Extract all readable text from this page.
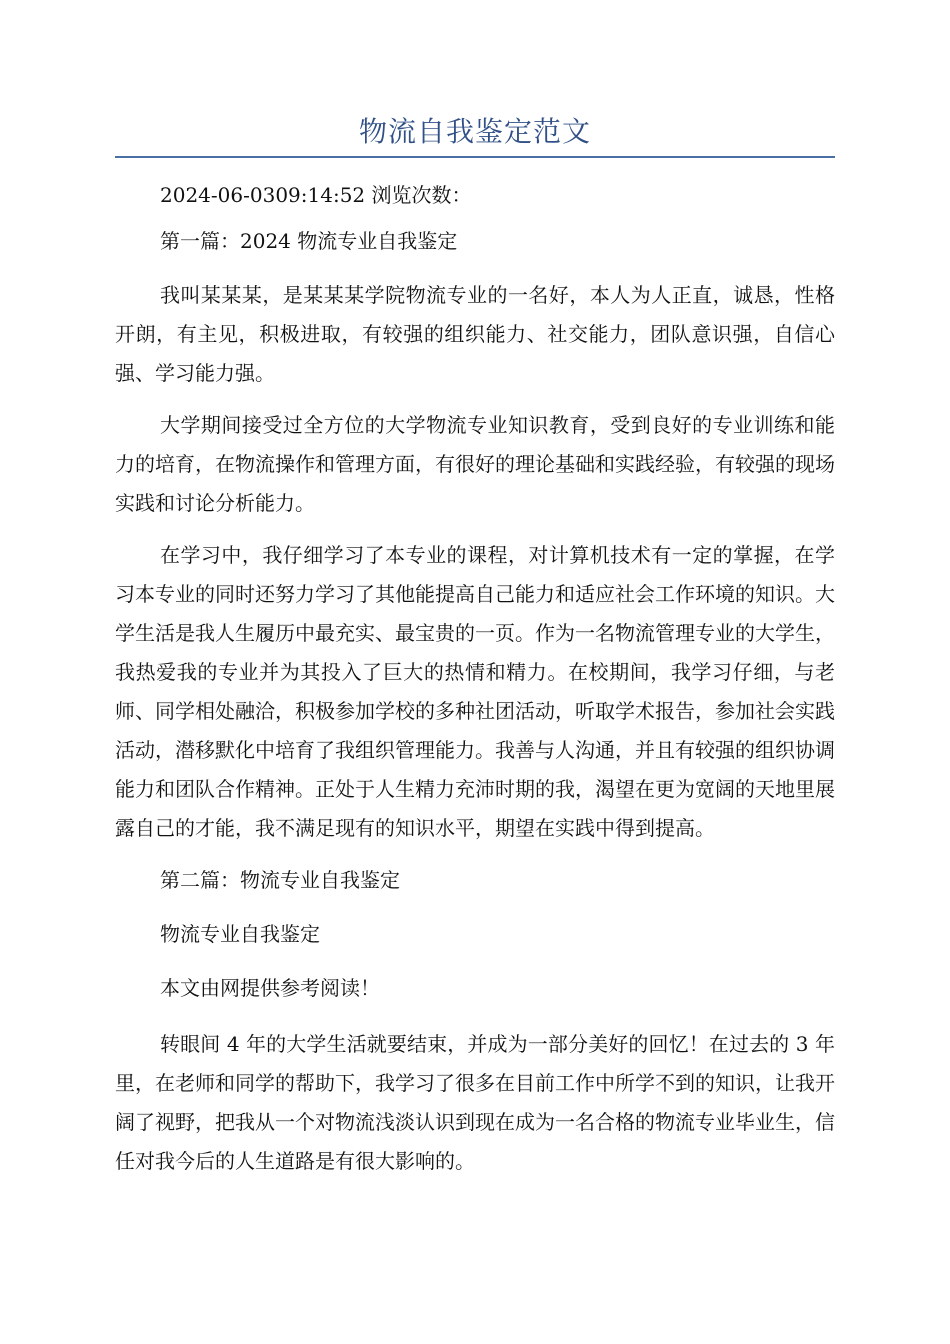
物流自我鉴定范文

2024-06-0309:14:52 浏览次数：

第一篇：2024 物流专业自我鉴定

我叫某某某，是某某某学院物流专业的一名好，本人为人正直，诚恳，性格开朗，有主见，积极进取，有较强的组织能力、社交能力，团队意识强，自信心强、学习能力强。

大学期间接受过全方位的大学物流专业知识教育，受到良好的专业训练和能力的培育，在物流操作和管理方面，有很好的理论基础和实践经验，有较强的现场实践和讨论分析能力。

在学习中，我仔细学习了本专业的课程，对计算机技术有一定的掌握，在学习本专业的同时还努力学习了其他能提高自己能力和适应社会工作环境的知识。大学生活是我人生履历中最充实、最宝贵的一页。作为一名物流管理专业的大学生，我热爱我的专业并为其投入了巨大的热情和精力。在校期间，我学习仔细，与老师、同学相处融洽，积极参加学校的多种社团活动，听取学术报告，参加社会实践活动，潜移默化中培育了我组织管理能力。我善与人沟通，并且有较强的组织协调能力和团队合作精神。正处于人生精力充沛时期的我，渴望在更为宽阔的天地里展露自己的才能，我不满足现有的知识水平，期望在实践中得到提高。

第二篇：物流专业自我鉴定

物流专业自我鉴定

本文由网提供参考阅读！

转眼间 4 年的大学生活就要结束，并成为一部分美好的回忆！在过去的 3 年里，在老师和同学的帮助下，我学习了很多在目前工作中所学不到的知识，让我开阔了视野，把我从一个对物流浅淡认识到现在成为一名合格的物流专业毕业生，信任对我今后的人生道路是有很大影响的。
